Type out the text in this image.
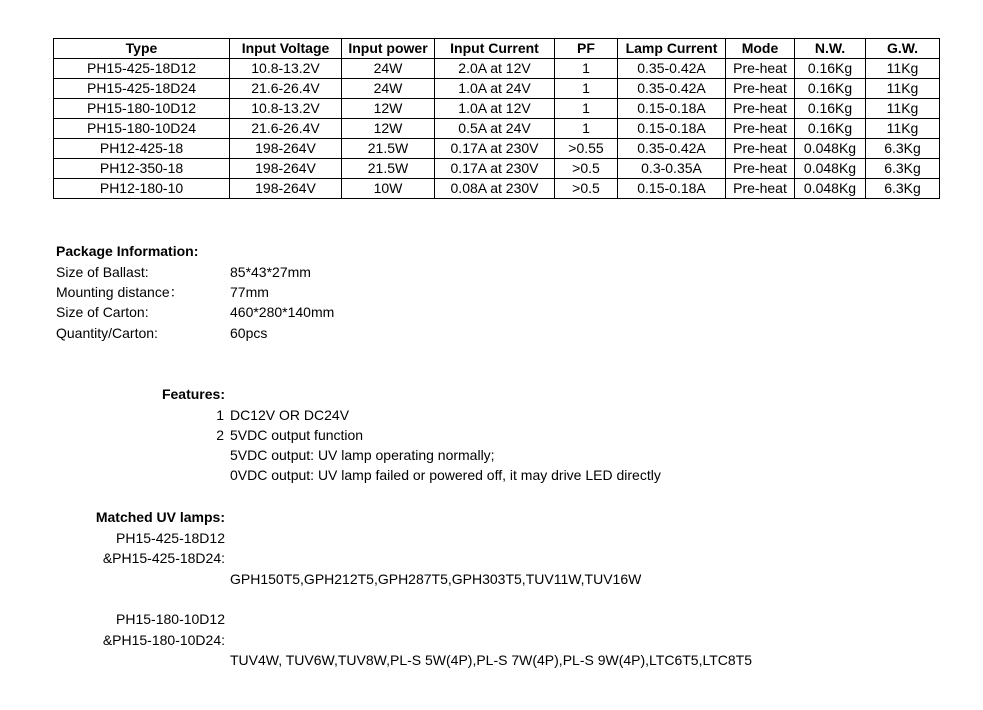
Type	Input Voltage	Input power	Input Current	PF	Lamp Current	Mode	N.W.	G.W.
PH15-425-18D12	10.8-13.2V	24W	2.0A at 12V	1	0.35-0.42A	Pre-heat	0.16Kg	11Kg
PH15-425-18D24	21.6-26.4V	24W	1.0A at 24V	1	0.35-0.42A	Pre-heat	0.16Kg	11Kg
PH15-180-10D12	10.8-13.2V	12W	1.0A at 12V	1	0.15-0.18A	Pre-heat	0.16Kg	11Kg
PH15-180-10D24	21.6-26.4V	12W	0.5A at 24V	1	0.15-0.18A	Pre-heat	0.16Kg	11Kg
PH12-425-18	198-264V	21.5W	0.17A at 230V	>0.55	0.35-0.42A	Pre-heat	0.048Kg	6.3Kg
PH12-350-18	198-264V	21.5W	0.17A at 230V	>0.5	0.3-0.35A	Pre-heat	0.048Kg	6.3Kg
PH12-180-10	198-264V	10W	0.08A at 230V	>0.5	0.15-0.18A	Pre-heat	0.048Kg	6.3Kg
Package Information:
Size of Ballast:	85*43*27mm
Mounting distance：	77mm
Size of Carton:	460*280*140mm
Quantity/Carton:	60pcs
Features:
1 DC12V OR DC24V
2 5VDC output function
5VDC output: UV lamp operating normally;
0VDC output: UV lamp failed or powered off, it may drive LED directly
Matched UV lamps:
PH15-425-18D12
&PH15-425-18D24:
GPH150T5,GPH212T5,GPH287T5,GPH303T5,TUV11W,TUV16W
PH15-180-10D12
&PH15-180-10D24:
TUV4W, TUV6W,TUV8W,PL-S 5W(4P),PL-S 7W(4P),PL-S 9W(4P),LTC6T5,LTC8T5
